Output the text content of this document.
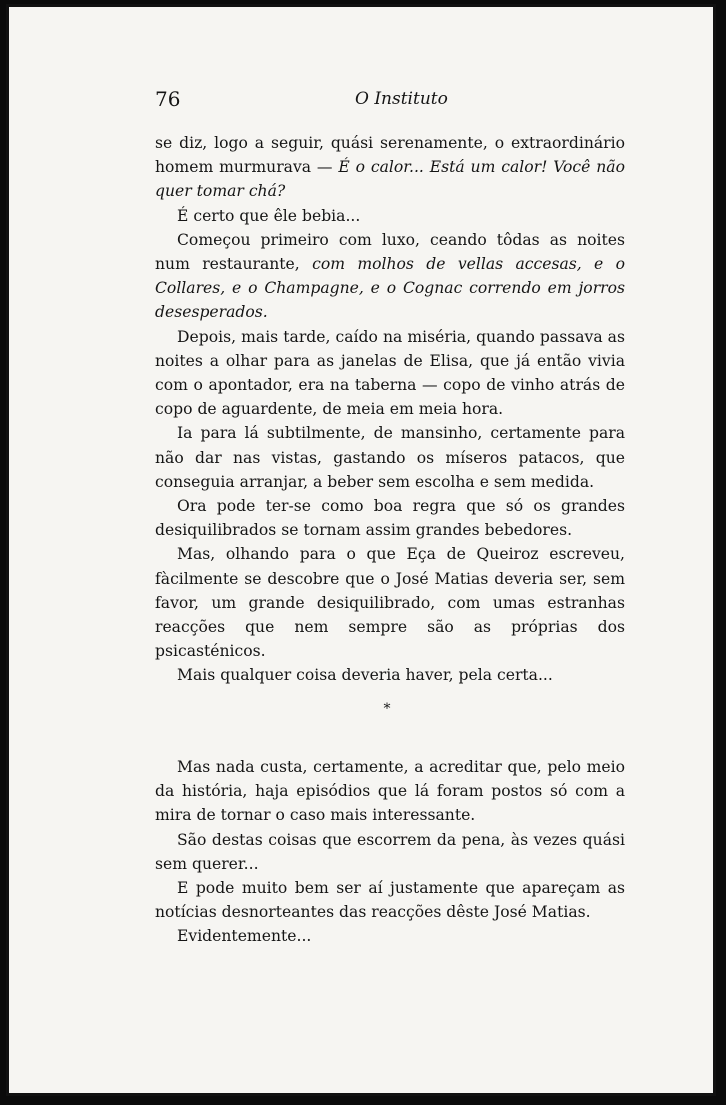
76	O Instituto

se diz, logo a seguir, quási serenamente, o extraordinário homem murmurava — É o calor... Está um calor! Você não quer tomar chá?

É certo que êle bebia...

Começou primeiro com luxo, ceando tôdas as noites num restaurante, com molhos de vellas accesas, e o Collares, e o Champagne, e o Cognac correndo em jorros desesperados.

Depois, mais tarde, caído na miséria, quando passava as noites a olhar para as janelas de Elisa, que já então vivia com o apontador, era na taberna — copo de vinho atrás de copo de aguardente, de meia em meia hora.

Ia para lá subtilmente, de mansinho, certamente para não dar nas vistas, gastando os míseros patacos, que conseguia arranjar, a beber sem escolha e sem medida.

Ora pode ter-se como boa regra que só os grandes desiquilibrados se tornam assim grandes bebedores.

Mas, olhando para o que Eça de Queiroz escreveu, fàcilmente se descobre que o José Matias deveria ser, sem favor, um grande desiquilibrado, com umas estranhas reacções que nem sempre são as próprias dos psicasténicos.

Mais qualquer coisa deveria haver, pela certa...

*

Mas nada custa, certamente, a acreditar que, pelo meio da história, haja episódios que lá foram postos só com a mira de tornar o caso mais interessante.

São destas coisas que escorrem da pena, às vezes quási sem querer...

E pode muito bem ser aí justamente que apareçam as notícias desnorteantes das reacções dêste José Matias.

Evidentemente...
